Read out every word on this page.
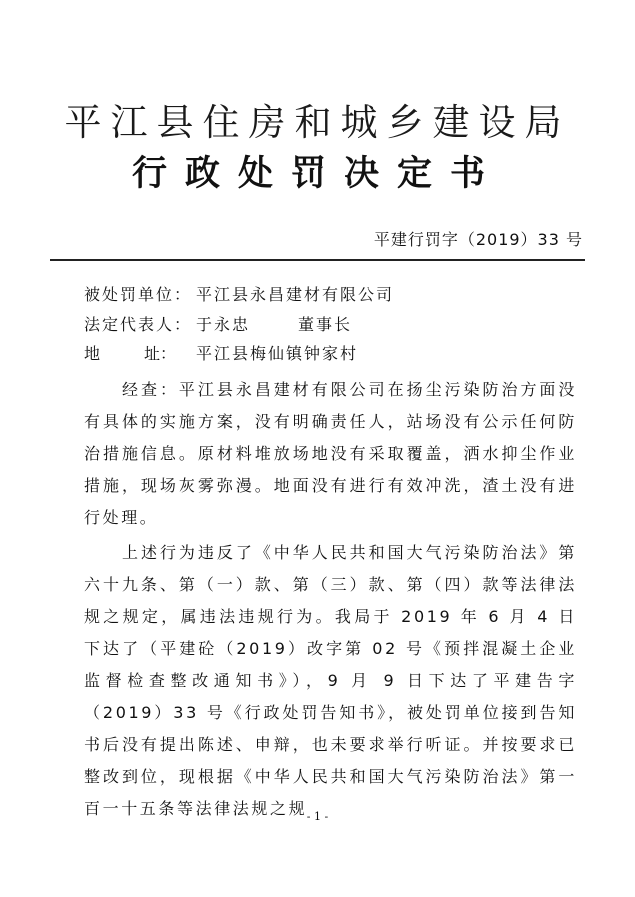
平江县住房和城乡建设局
行政处罚决定书
平建行罚字（2019）33 号
被处罚单位： 平江县永昌建材有限公司
法定代表人： 于永忠	董事长
地	址： 平江县梅仙镇钟家村

经查：平江县永昌建材有限公司在扬尘污染防治方面没有具体的实施方案，没有明确责任人，站场没有公示任何防治措施信息。原材料堆放场地没有采取覆盖，洒水抑尘作业措施，现场灰雾弥漫。地面没有进行有效冲洗，渣土没有进行处理。

上述行为违反了《中华人民共和国大气污染防治法》第六十九条、第（一）款、第（三）款、第（四）款等法律法规之规定，属违法违规行为。我局于 2019 年 6 月 4 日下达了（平建砼（2019）改字第 02 号《预拌混凝土企业监督检查整改通知书》），9 月 9 日下达了平建告字（2019）33 号《行政处罚告知书》，被处罚单位接到告知书后没有提出陈述、申辩，也未要求举行听证。并按要求已整改到位，现根据《中华人民共和国大气污染防治法》第一百一十五条等法律法规之规 - 1 -
